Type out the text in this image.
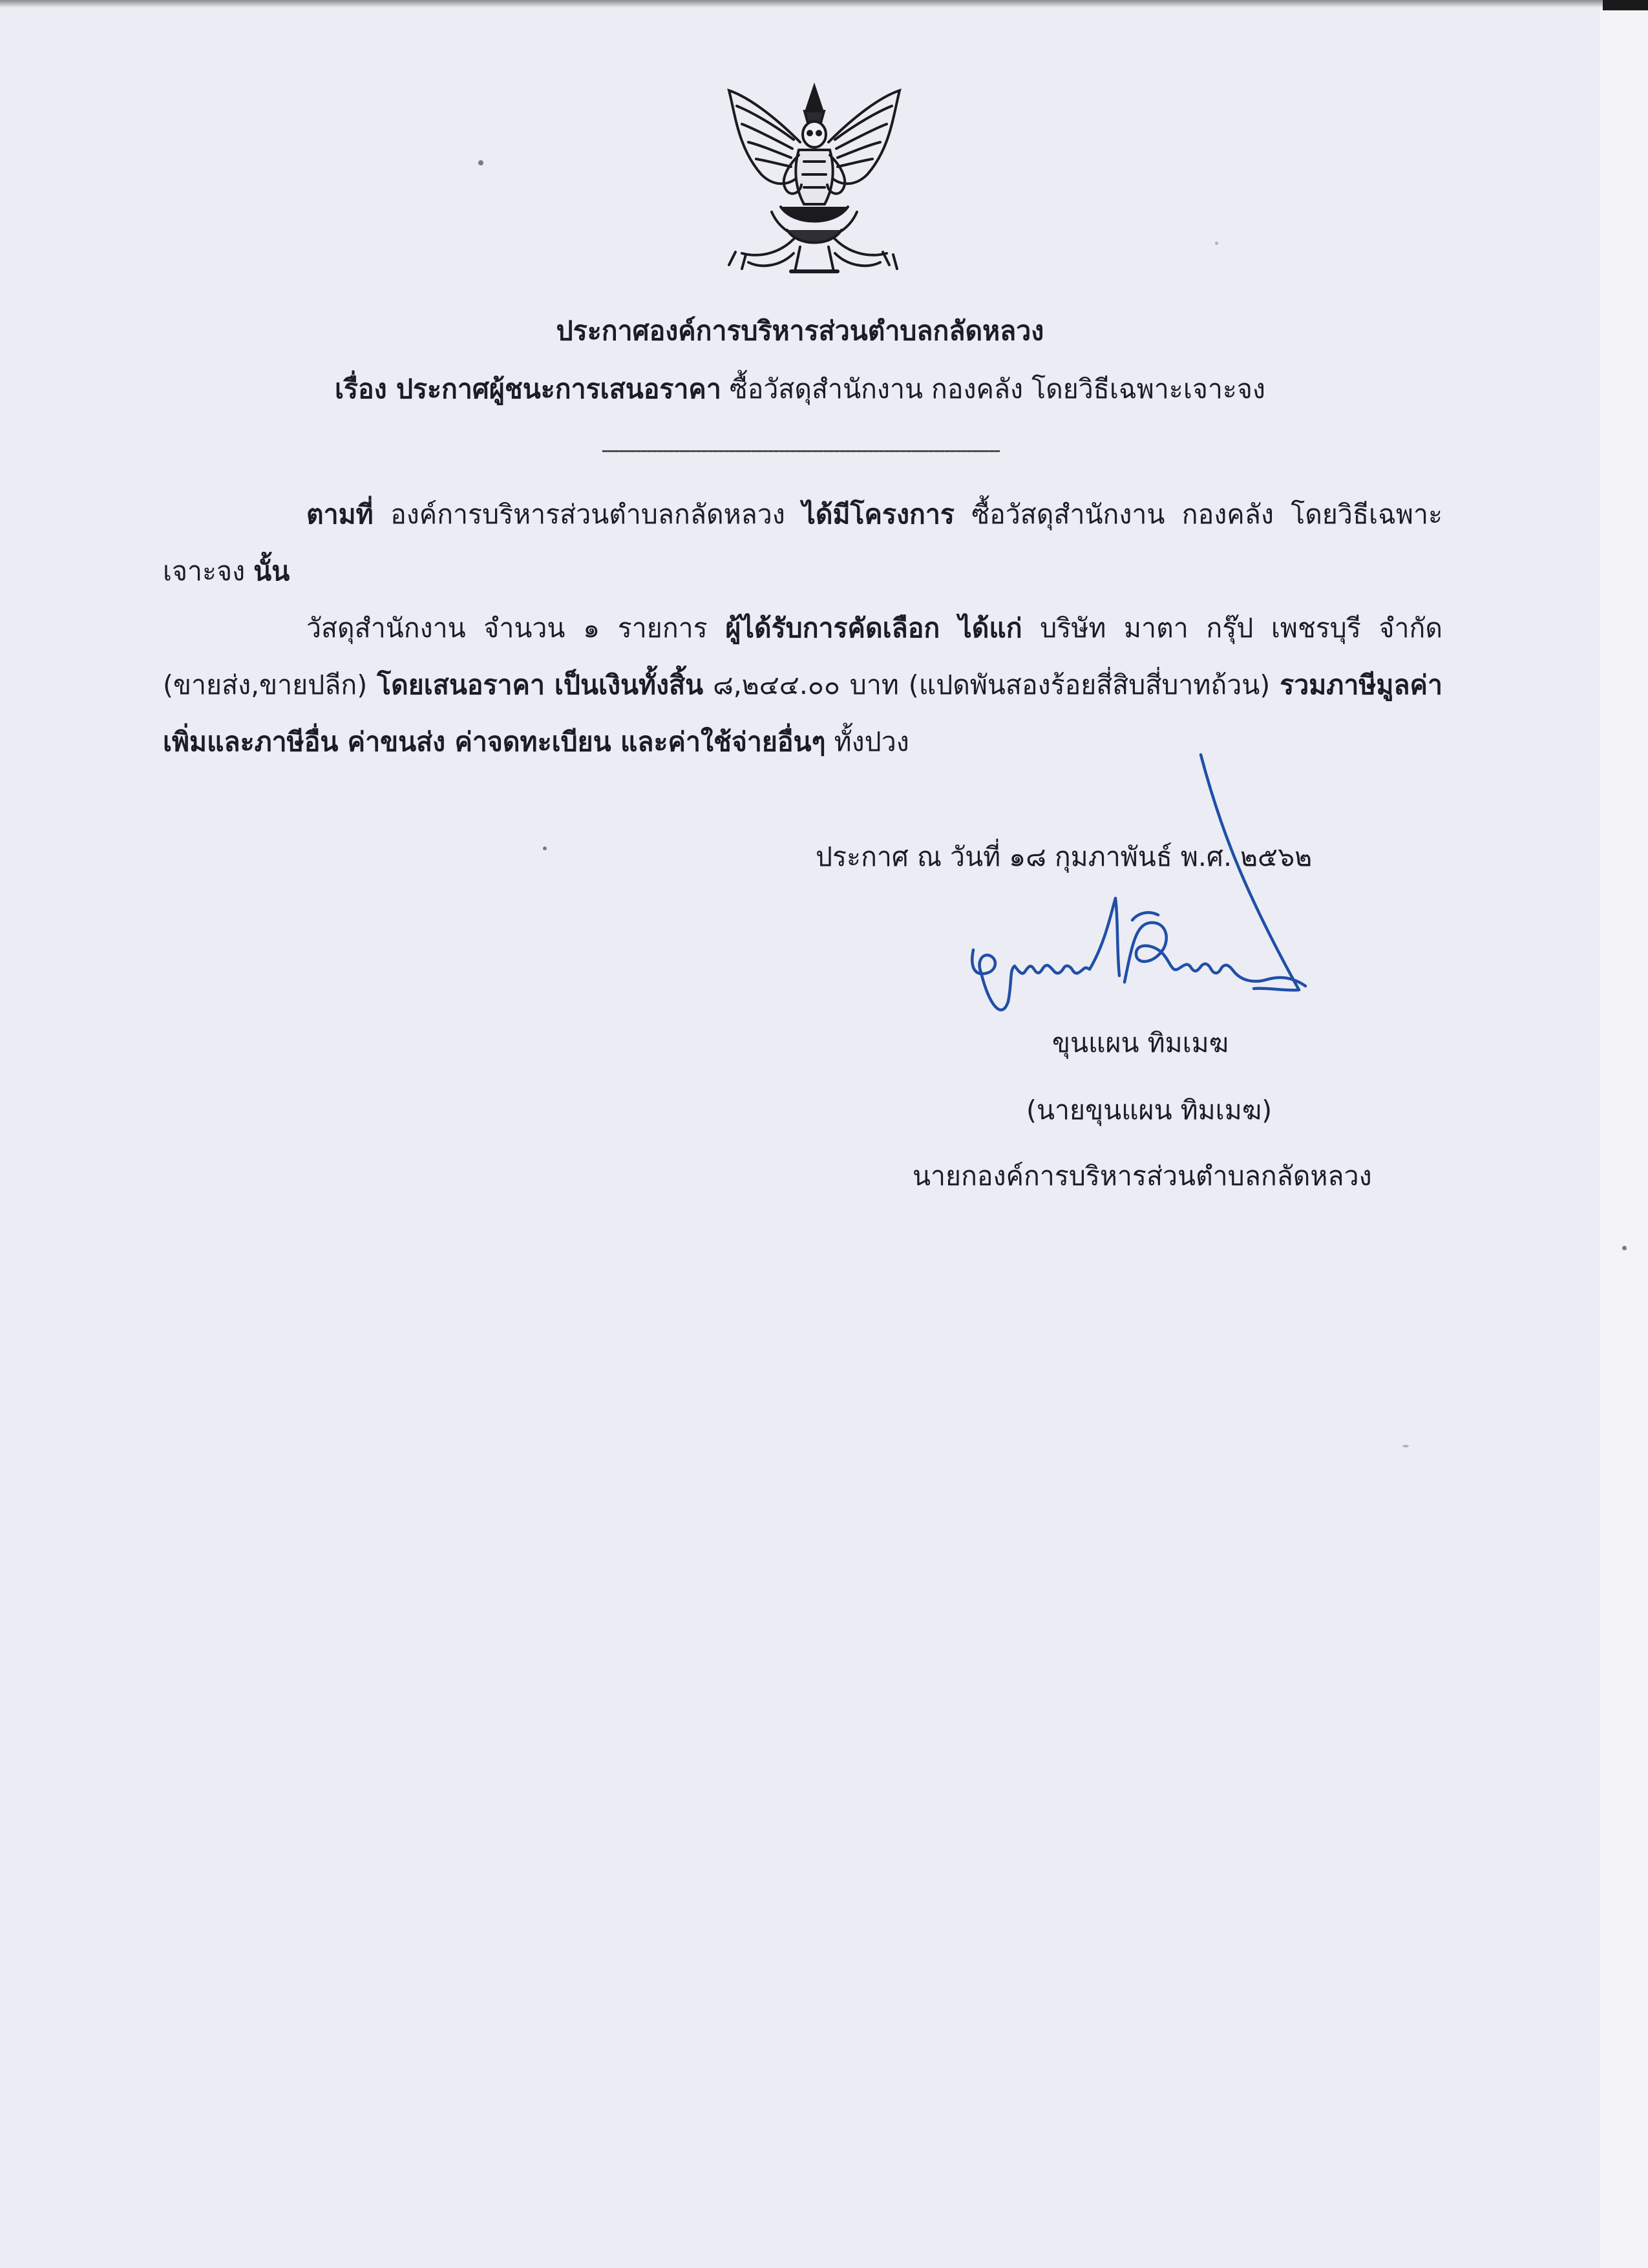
ประกาศองค์การบริหารส่วนตำบลกลัดหลวง
เรื่อง ประกาศผู้ชนะการเสนอราคา ซื้อวัสดุสำนักงาน กองคลัง โดยวิธีเฉพาะเจาะจง
------------------------------------------------------------------------
ตามที่ องค์การบริหารส่วนตำบลกลัดหลวง ได้มีโครงการ ซื้อวัสดุสำนักงาน กองคลัง โดยวิธีเฉพาะเจาะจง นั้น
วัสดุสำนักงาน จำนวน ๑ รายการ ผู้ได้รับการคัดเลือก ได้แก่ บริษัท มาตา กรุ๊ป เพชรบุรี จำกัด (ขายส่ง,ขายปลีก) โดยเสนอราคา เป็นเงินทั้งสิ้น ๘,๒๔๔.๐๐ บาท (แปดพันสองร้อยสี่สิบสี่บาทถ้วน) รวมภาษีมูลค่าเพิ่มและภาษีอื่น ค่าขนส่ง ค่าจดทะเบียน และค่าใช้จ่ายอื่นๆ ทั้งปวง
ประกาศ ณ วันที่ ๑๘ กุมภาพันธ์ พ.ศ. ๒๕๖๒
ขุนแผน ทิมเมฆ
(นายขุนแผน ทิมเมฆ)
นายกองค์การบริหารส่วนตำบลกลัดหลวง
